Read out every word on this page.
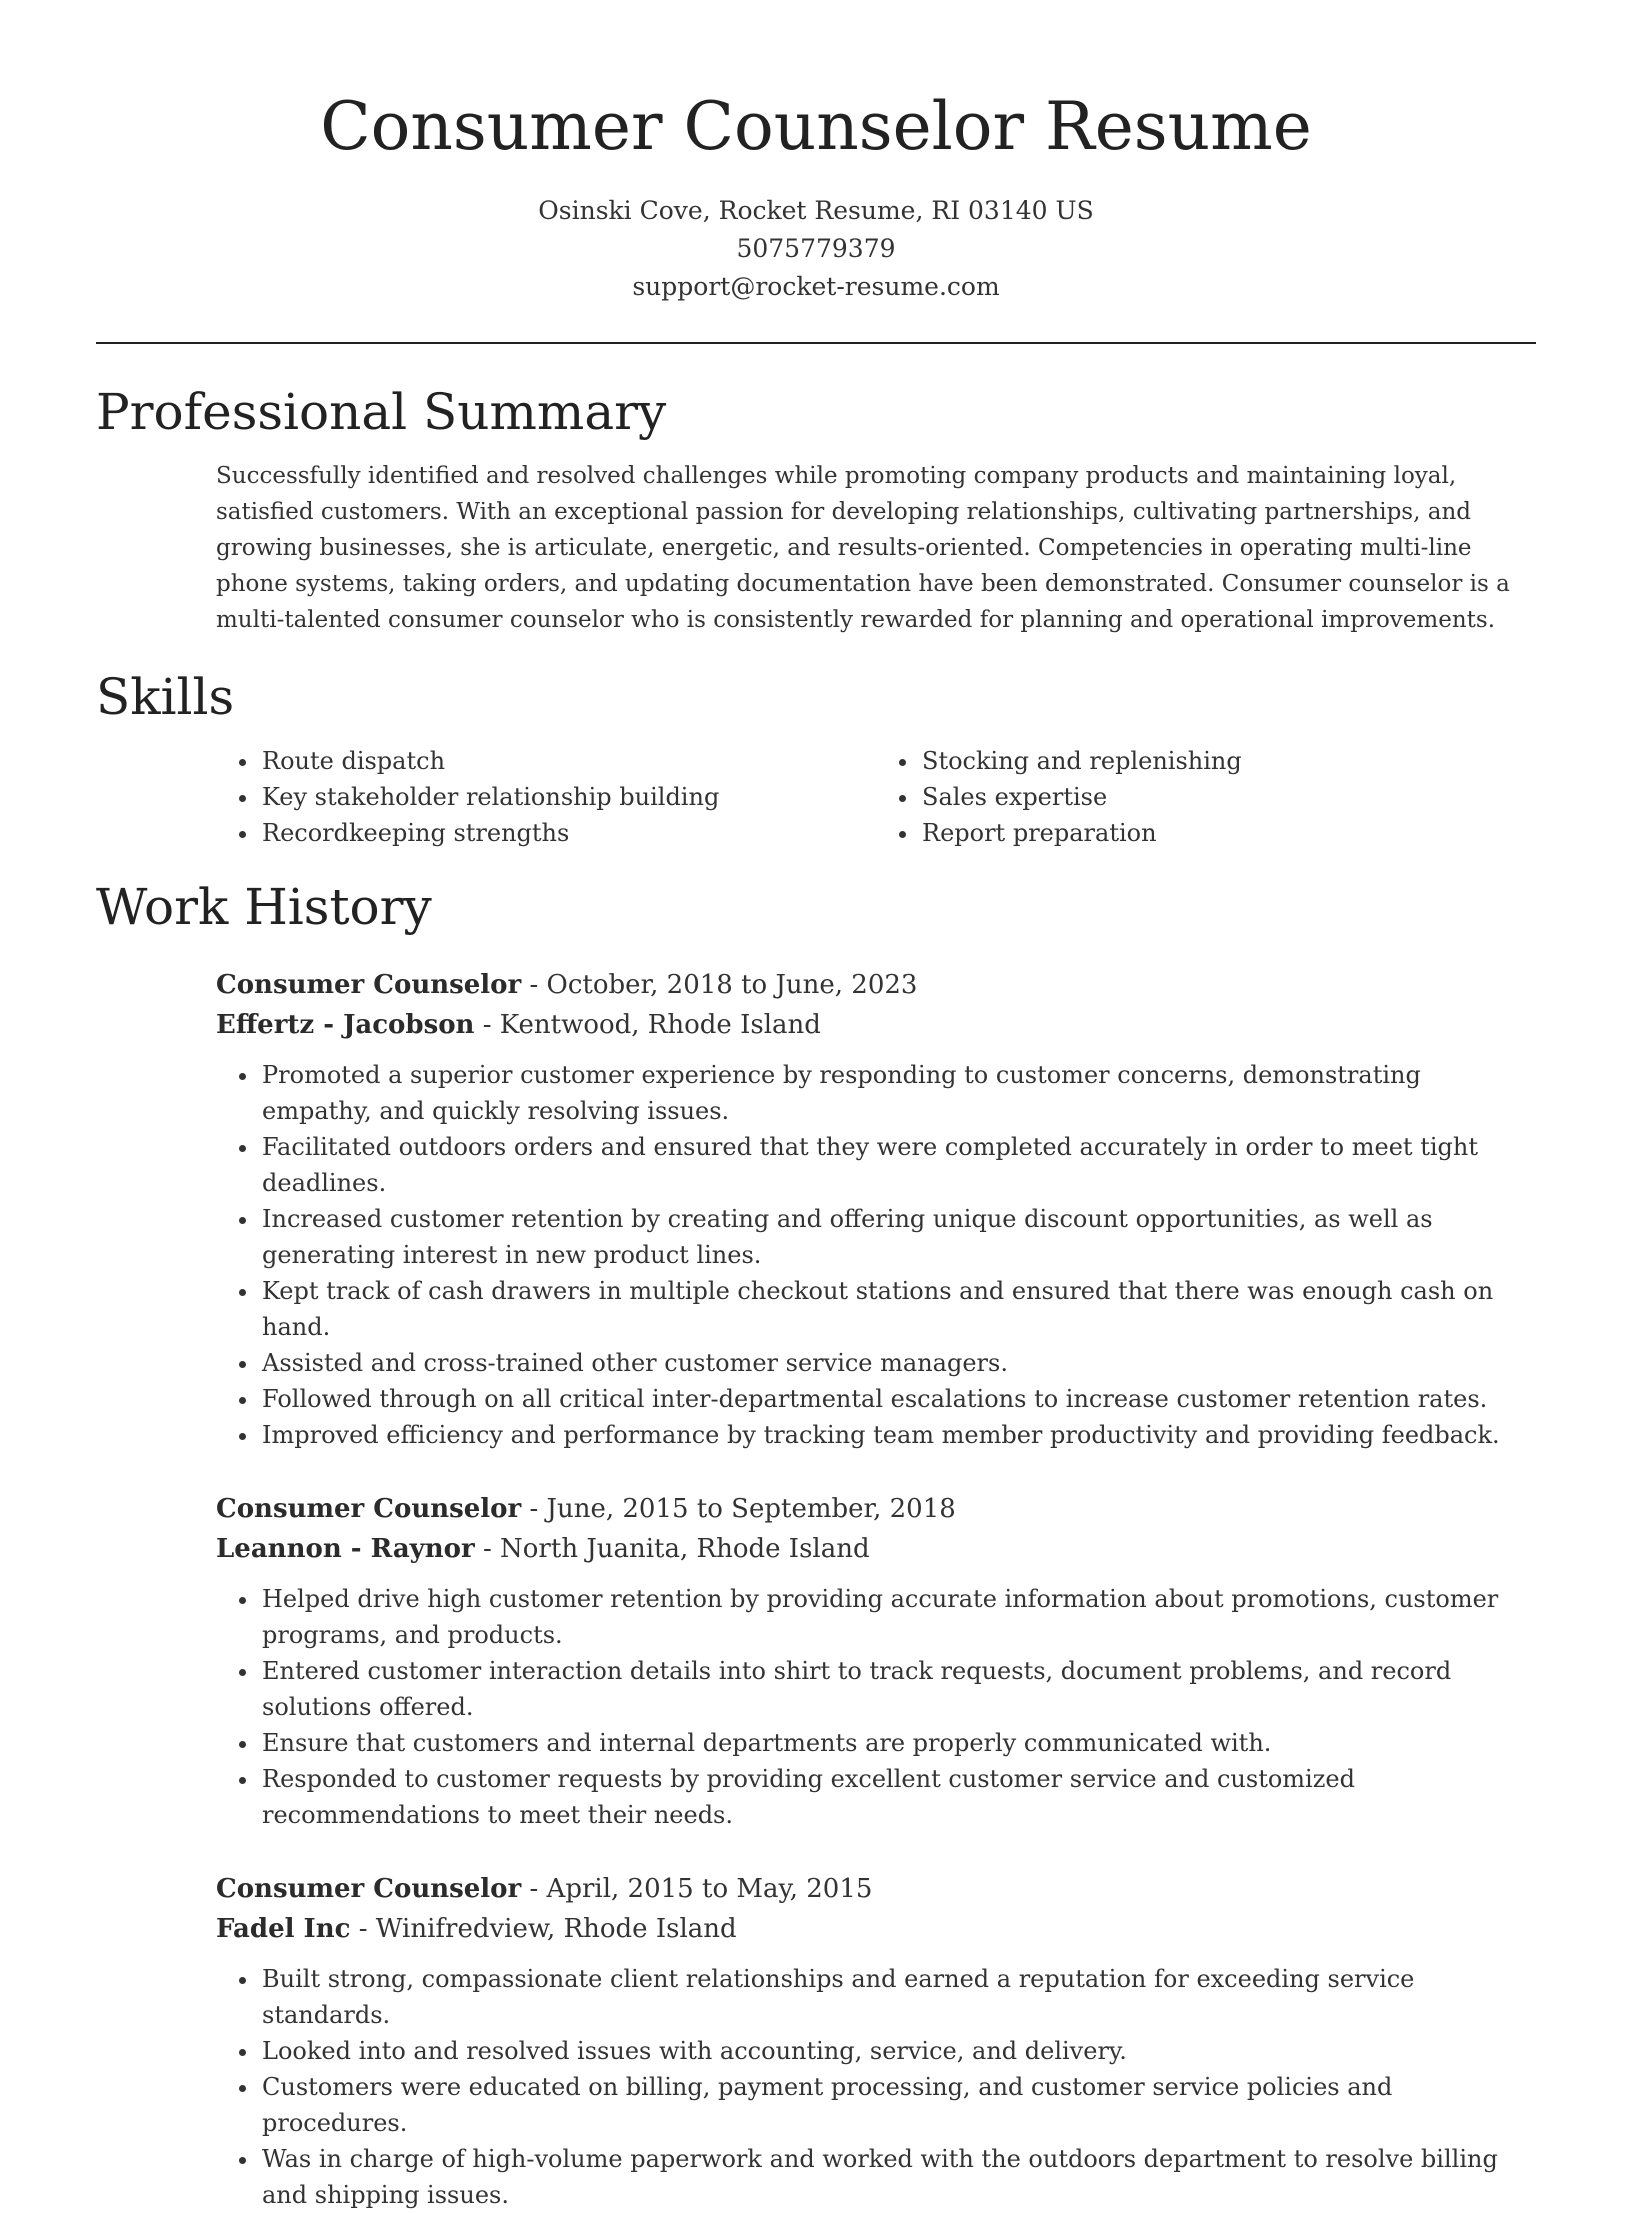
Consumer Counselor Resume
Osinski Cove, Rocket Resume, RI 03140 US
5075779379
support@rocket-resume.com
Professional Summary

Successfully identified and resolved challenges while promoting company products and maintaining loyal, satisfied customers. With an exceptional passion for developing relationships, cultivating partnerships, and growing businesses, she is articulate, energetic, and results-oriented. Competencies in operating multi-line phone systems, taking orders, and updating documentation have been demonstrated. Consumer counselor is a multi-talented consumer counselor who is consistently rewarded for planning and operational improvements.

Skills
• Route dispatch
• Key stakeholder relationship building
• Recordkeeping strengths
• Stocking and replenishing
• Sales expertise
• Report preparation
Work History
Consumer Counselor - October, 2018 to June, 2023
Effertz - Jacobson - Kentwood, Rhode Island
• Promoted a superior customer experience by responding to customer concerns, demonstrating empathy, and quickly resolving issues.
• Facilitated outdoors orders and ensured that they were completed accurately in order to meet tight deadlines.
• Increased customer retention by creating and offering unique discount opportunities, as well as generating interest in new product lines.
• Kept track of cash drawers in multiple checkout stations and ensured that there was enough cash on hand.
• Assisted and cross-trained other customer service managers.
• Followed through on all critical inter-departmental escalations to increase customer retention rates.
• Improved efficiency and performance by tracking team member productivity and providing feedback.
Consumer Counselor - June, 2015 to September, 2018
Leannon - Raynor - North Juanita, Rhode Island
• Helped drive high customer retention by providing accurate information about promotions, customer programs, and products.
• Entered customer interaction details into shirt to track requests, document problems, and record solutions offered.
• Ensure that customers and internal departments are properly communicated with.
• Responded to customer requests by providing excellent customer service and customized recommendations to meet their needs.
Consumer Counselor - April, 2015 to May, 2015
Fadel Inc - Winifredview, Rhode Island
• Built strong, compassionate client relationships and earned a reputation for exceeding service standards.
• Looked into and resolved issues with accounting, service, and delivery.
• Customers were educated on billing, payment processing, and customer service policies and procedures.
• Was in charge of high-volume paperwork and worked with the outdoors department to resolve billing and shipping issues.
